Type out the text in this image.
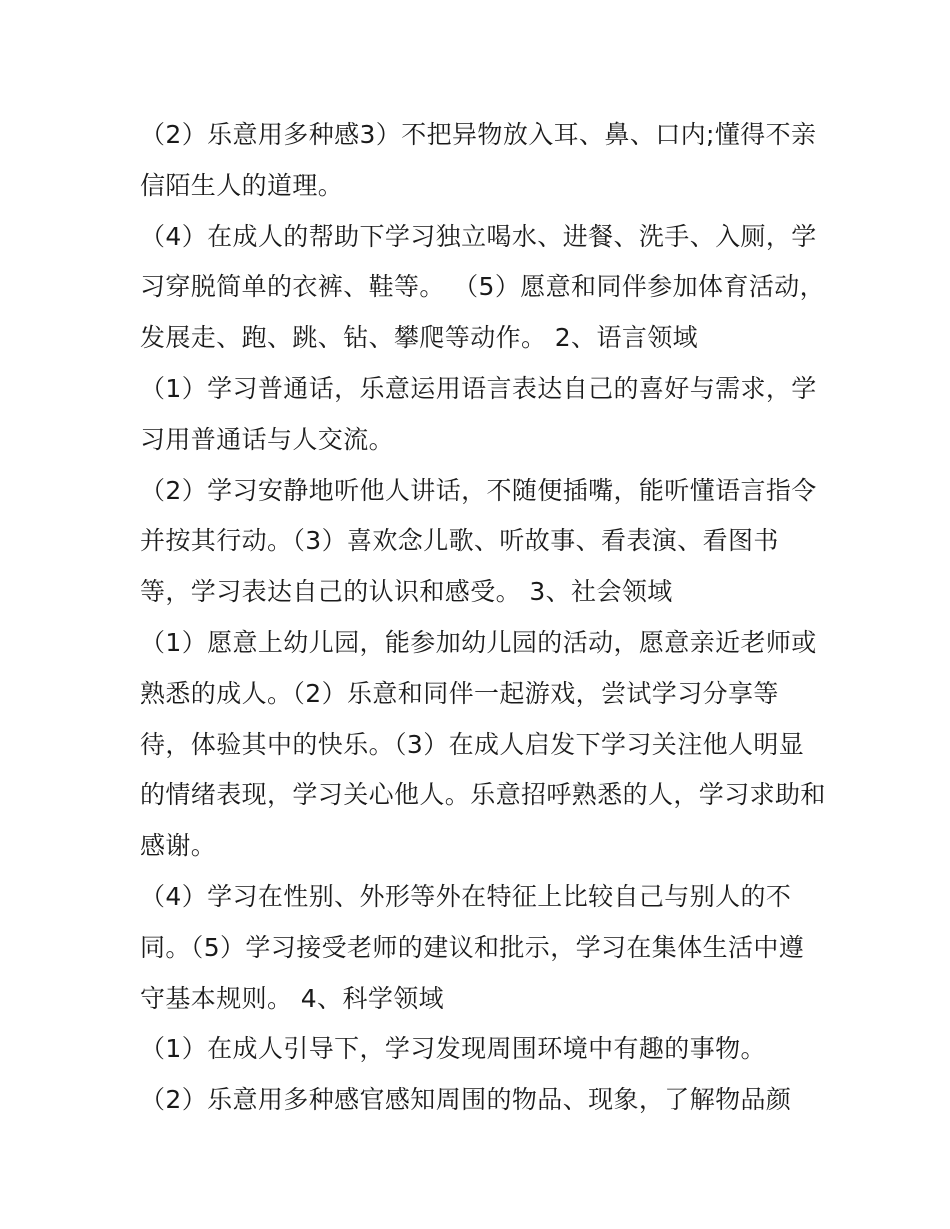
（2）乐意用多种感3）不把异物放入耳、鼻、口内;懂得不亲
信陌生人的道理。
（4）在成人的帮助下学习独立喝水、进餐、洗手、入厕，学
习穿脱简单的衣裤、鞋等。 （5）愿意和同伴参加体育活动，
发展走、跑、跳、钻、攀爬等动作。 2、语言领域
（1）学习普通话，乐意运用语言表达自己的喜好与需求，学
习用普通话与人交流。
（2）学习安静地听他人讲话，不随便插嘴，能听懂语言指令
并按其行动。（3）喜欢念儿歌、听故事、看表演、看图书
等，学习表达自己的认识和感受。 3、社会领域
（1）愿意上幼儿园，能参加幼儿园的活动，愿意亲近老师或
熟悉的成人。（2）乐意和同伴一起游戏，尝试学习分享等
待，体验其中的快乐。（3）在成人启发下学习关注他人明显
的情绪表现，学习关心他人。乐意招呼熟悉的人，学习求助和
感谢。
（4）学习在性别、外形等外在特征上比较自己与别人的不
同。（5）学习接受老师的建议和批示，学习在集体生活中遵
守基本规则。 4、科学领域
（1）在成人引导下，学习发现周围环境中有趣的事物。
（2）乐意用多种感官感知周围的物品、现象，了解物品颜
